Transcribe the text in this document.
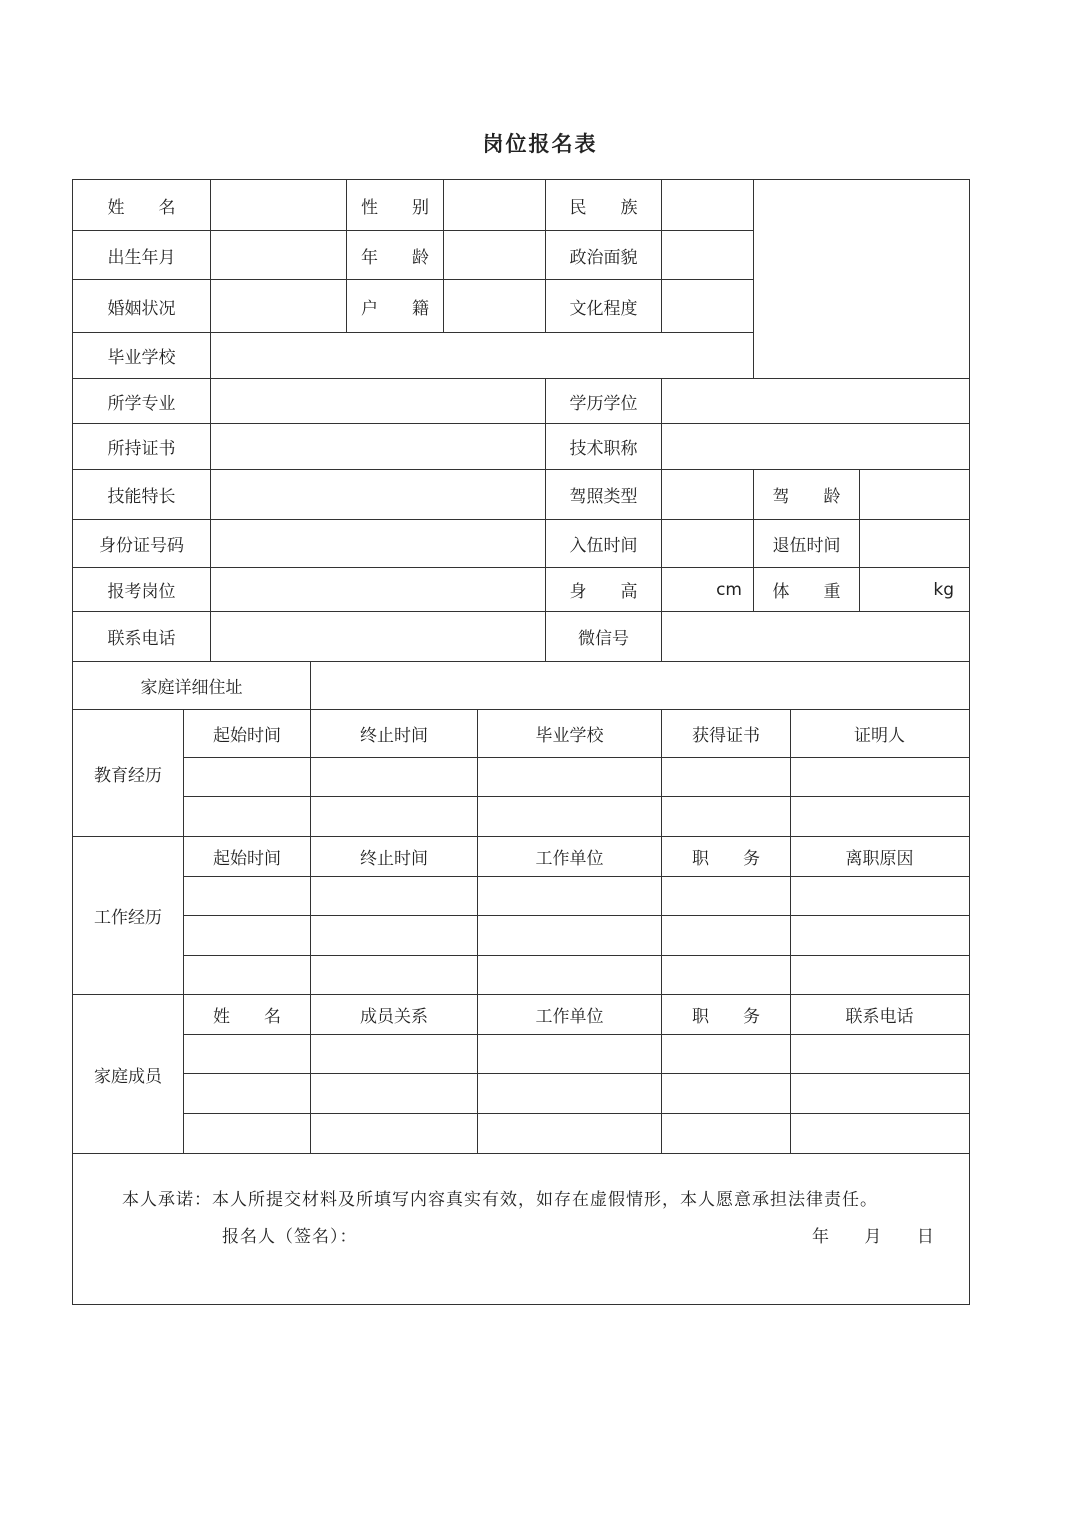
岗位报名表
姓　　名	性　　别	民　　族
出生年月	年　　龄	政治面貌
婚姻状况	户　　籍	文化程度
毕业学校
所学专业	学历学位
所持证书	技术职称
技能特长	驾照类型	驾　　龄
身份证号码	入伍时间	退伍时间
报考岗位	身　　高	cm	体　　重	kg
联系电话	微信号
家庭详细住址
教育经历
起始时间	终止时间	毕业学校	获得证书	证明人
工作经历
起始时间	终止时间	工作单位	职　　务	离职原因
家庭成员
姓　　名	成员关系	工作单位	职　　务	联系电话
本人承诺：本人所提交材料及所填写内容真实有效，如存在虚假情形，本人愿意承担法律责任。
报名人（签名）：	年 月 日
